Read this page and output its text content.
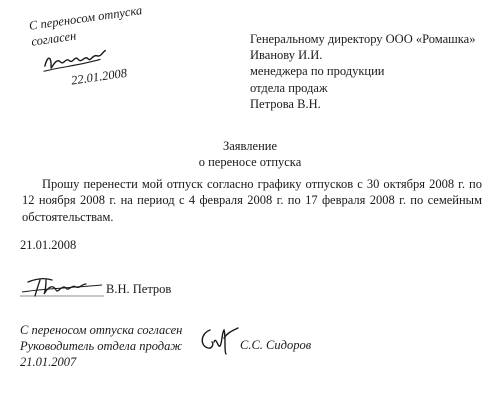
С переносом отпуска
согласен
22.01.2008
Генеральному директору ООО «Ромашка»
Иванову И.И.
менеджера по продукции
отдела продаж
Петрова В.Н.
Заявление
о переносе отпуска
Прошу перенести мой отпуск согласно графику отпусков с 30 октября 2008 г. по 12 ноября 2008 г. на период с 4 февраля 2008 г. по 17 февраля 2008 г. по семейным обстоятельствам.
21.01.2008
В.Н. Петров
С переносом отпуска согласен
Руководитель отдела продаж
21.01.2007
С.С. Сидоров
